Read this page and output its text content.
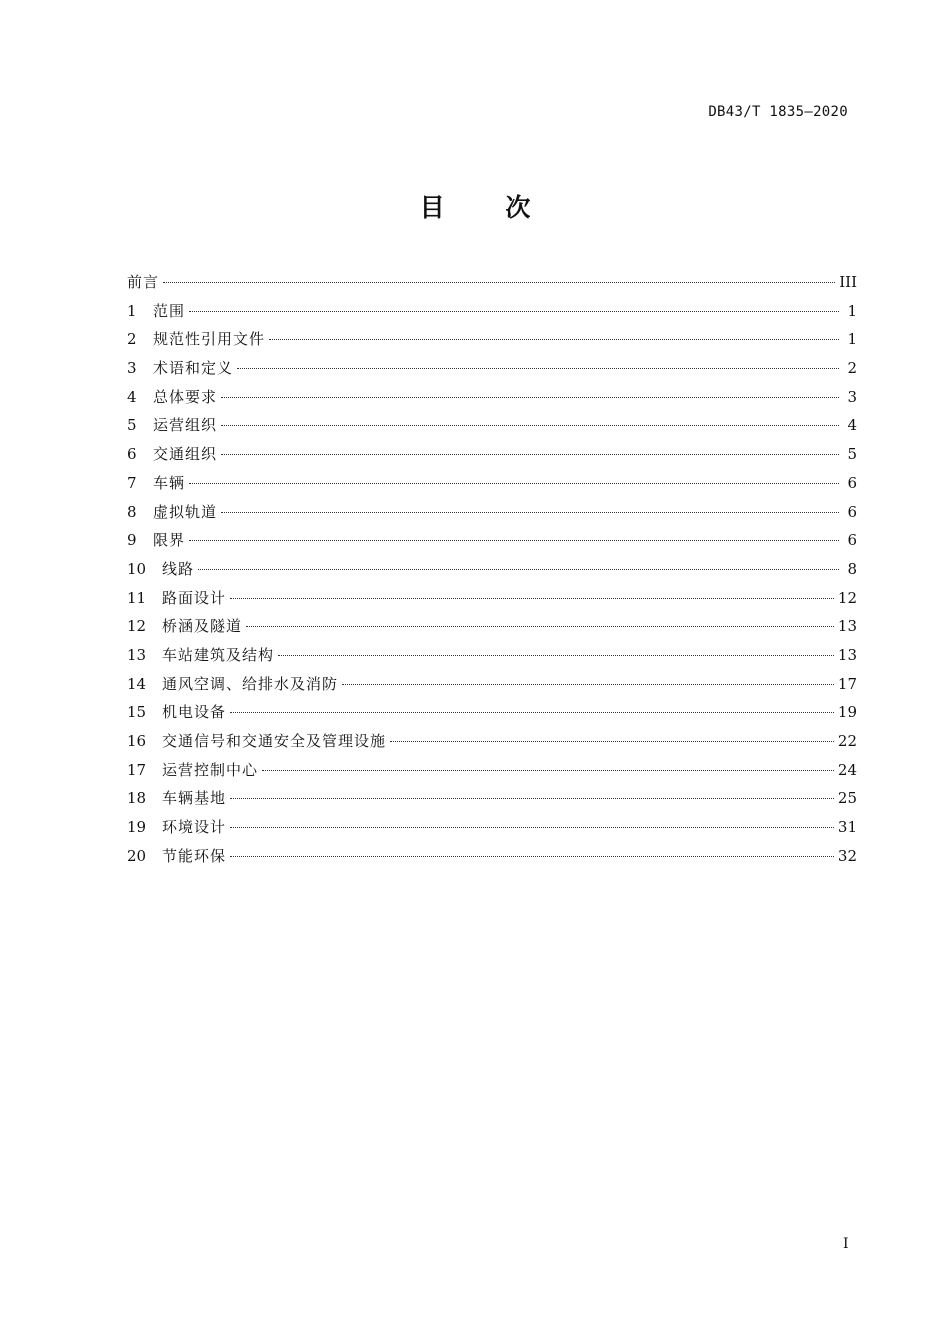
DB43/T 1835—2020
目 次
前言	III
1	范围	1
2	规范性引用文件	1
3	术语和定义	2
4	总体要求	3
5	运营组织	4
6	交通组织	5
7	车辆	6
8	虚拟轨道	6
9	限界	6
10	线路	8
11	路面设计	12
12	桥涵及隧道	13
13	车站建筑及结构	13
14	通风空调、给排水及消防	17
15	机电设备	19
16	交通信号和交通安全及管理设施	22
17	运营控制中心	24
18	车辆基地	25
19	环境设计	31
20	节能环保	32
I
